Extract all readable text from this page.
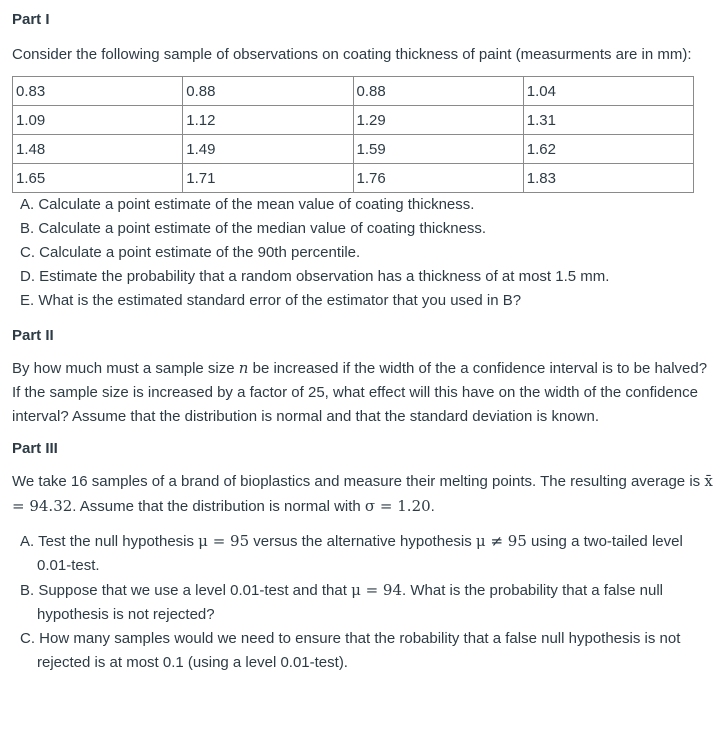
Part I

Consider the following sample of observations on coating thickness of paint (measurments are in mm):

0.83	0.88	0.88	1.04
1.09	1.12	1.29	1.31
1.48	1.49	1.59	1.62
1.65	1.71	1.76	1.83
A. Calculate a point estimate of the mean value of coating thickness.
B. Calculate a point estimate of the median value of coating thickness.
C. Calculate a point estimate of the 90th percentile.
D. Estimate the probability that a random observation has a thickness of at most 1.5 mm.
E. What is the estimated standard error of the estimator that you used in B?
Part II

By how much must a sample size n be increased if the width of the a confidence interval is to be halved? If the sample size is increased by a factor of 25, what effect will this have on the width of the confidence interval? Assume that the distribution is normal and that the standard deviation is known.

Part III

We take 16 samples of a brand of bioplastics and measure their melting points. The resulting average is x̄ = 94.32. Assume that the distribution is normal with σ = 1.20.

A. Test the null hypothesis μ = 95 versus the alternative hypothesis μ ≠ 95 using a two-tailed level 0.01-test.
B. Suppose that we use a level 0.01-test and that μ = 94. What is the probability that a false null hypothesis is not rejected?
C. How many samples would we need to ensure that the robability that a false null hypothesis is not rejected is at most 0.1 (using a level 0.01-test).
